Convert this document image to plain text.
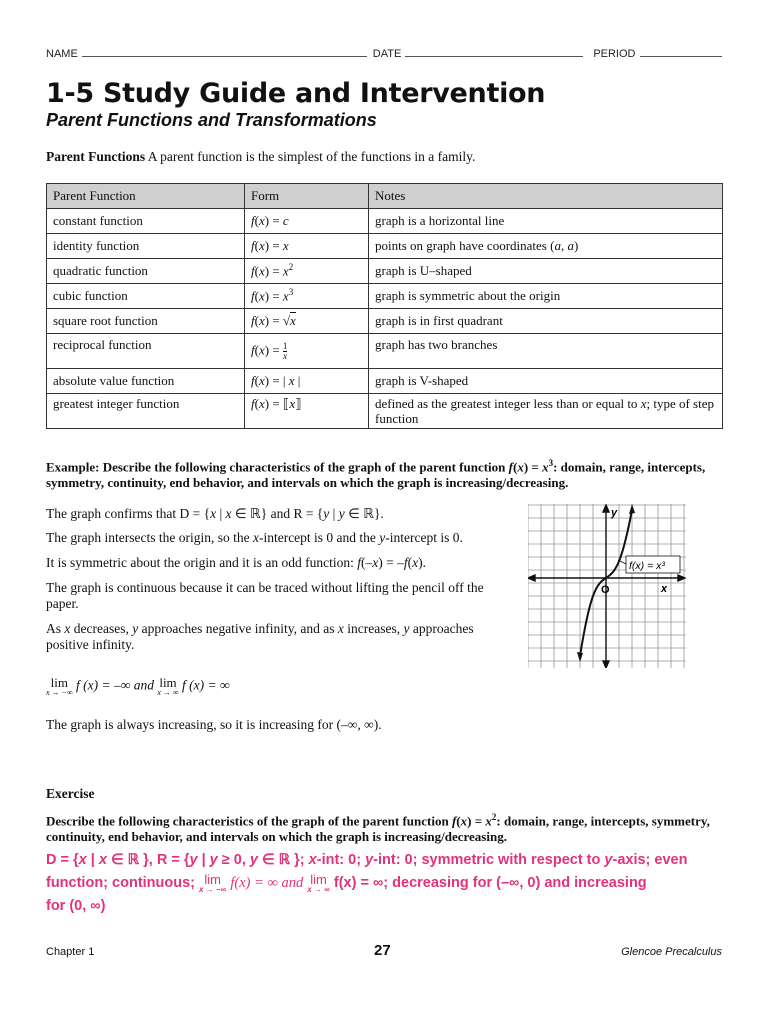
NAME	DATE	PERIOD
1-5 Study Guide and Intervention
Parent Functions and Transformations
Parent Functions A parent function is the simplest of the functions in a family.
Parent Function	Form	Notes
constant function	f(x) = c	graph is a horizontal line
identity function	f(x) = x	points on graph have coordinates (a, a)
quadratic function	$f(x) = x^2$	graph is U–shaped
cubic function	$f(x) = x^3$	graph is symmetric about the origin
square root function	f(x) = √x	graph is in first quadrant
reciprocal function	$f(x) = \frac{1}{x}$	graph has two branches
absolute value function	f(x) = | x |	graph is V-shaped
greatest integer function	f(x) = ⟦x⟧	defined as the greatest integer less than or equal to x; type of step function
Example: Describe the following characteristics of the graph of the parent function $f(x) = x^3$: domain, range, intercepts, symmetry, continuity, end behavior, and intervals on which the graph is increasing/decreasing.
The graph confirms that D = {x | x ∈ ℝ} and R = {y | y ∈ ℝ}.
The graph intersects the origin, so the x-intercept is 0 and the y-intercept is 0.
It is symmetric about the origin and it is an odd function: f(–x) = –f(x).
The graph is continuous because it can be traced without lifting the pencil off the paper.
As x decreases, y approaches negative infinity, and as x increases, y approaches positive infinity.
lim
x → −∞ f (x) = –∞ and lim
x → ∞ f (x) = ∞
The graph is always increasing, so it is increasing for (–∞, ∞).
f(x) = x³
y
x
O
Exercise
Describe the following characteristics of the graph of the parent function $f(x) = x^2$: domain, range, intercepts, symmetry, continuity, end behavior, and intervals on which the graph is increasing/decreasing.
D = {x | x ∈ ℝ }, R = {y | y ≥ 0, y ∈ ℝ }; x-int: 0; y-int: 0; symmetric with respect to y-axis; even
function; continuous; lim
x → −∞ f(x) = ∞ and lim
x → ∞ f(x) = ∞; decreasing for (–∞, 0) and increasing
for (0, ∞)
Chapter 1	27	Glencoe Precalculus
